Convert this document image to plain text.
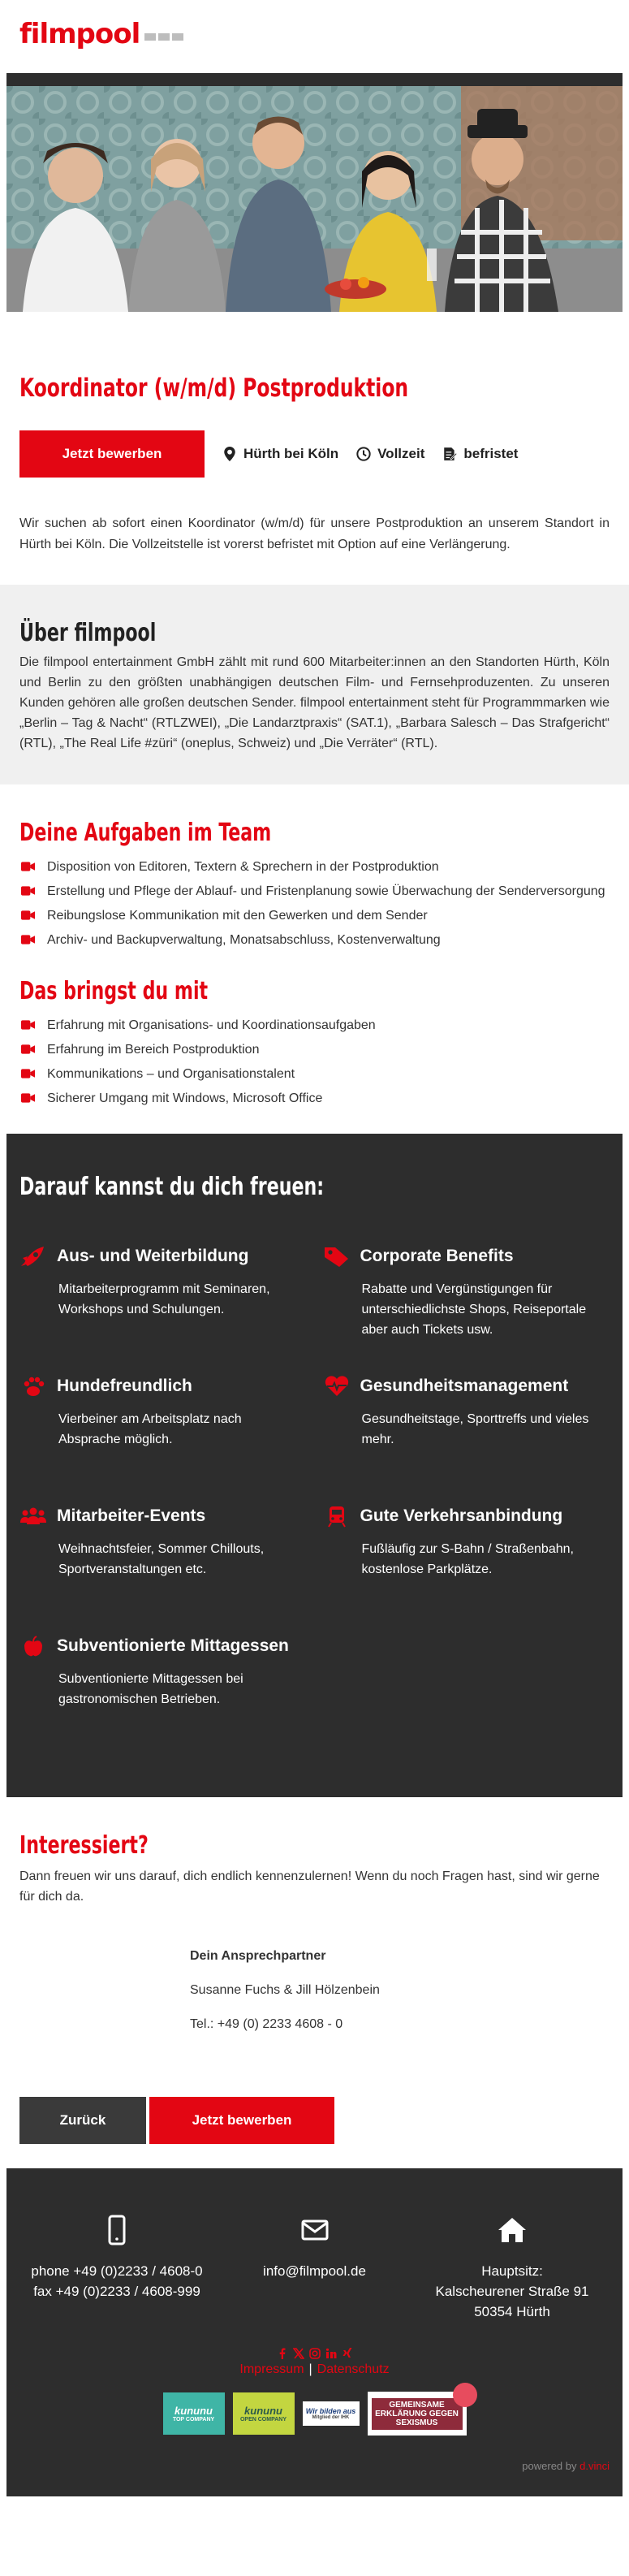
filmpool
Koordinator (w/m/d) Postproduktion
Jetzt bewerben	Hürth bei Köln	Vollzeit	befristet

Wir suchen ab sofort einen Koordinator (w/m/d) für unsere Postproduktion an unserem Standort in Hürth bei Köln. Die Vollzeitstelle ist vorerst befristet mit Option auf eine Verlängerung.

Über filmpool

Die filmpool entertainment GmbH zählt mit rund 600 Mitarbeiter:innen an den Standorten Hürth, Köln und Berlin zu den größten unabhängigen deutschen Film- und Fernsehproduzenten. Zu unseren Kunden gehören alle großen deutschen Sender. filmpool entertainment steht für Programmmarken wie „Berlin – Tag & Nacht“ (RTLZWEI), „Die Landarztpraxis“ (SAT.1), „Barbara Salesch – Das Strafgericht“ (RTL), „The Real Life #züri“ (oneplus, Schweiz) und „Die Verräter“ (RTL).

Deine Aufgaben im Team
Disposition von Editoren, Textern & Sprechern in der Postproduktion
Erstellung und Pflege der Ablauf- und Fristenplanung sowie Überwachung der Senderversorgung
Reibungslose Kommunikation mit den Gewerken und dem Sender
Archiv- und Backupverwaltung, Monatsabschluss, Kostenverwaltung
Das bringst du mit
Erfahrung mit Organisations- und Koordinationsaufgaben
Erfahrung im Bereich Postproduktion
Kommunikations – und Organisationstalent
Sicherer Umgang mit Windows, Microsoft Office
Darauf kannst du dich freuen:
Aus- und Weiterbildung
Mitarbeiterprogramm mit Seminaren, Workshops und Schulungen.
Corporate Benefits
Rabatte und Vergünstigungen für unterschiedlichste Shops, Reiseportale aber auch Tickets usw.
Hundefreundlich
Vierbeiner am Arbeitsplatz nach Absprache möglich.
Gesundheitsmanagement
Gesundheitstage, Sporttreffs und vieles mehr.
Mitarbeiter-Events
Weihnachtsfeier, Sommer Chillouts, Sportveranstaltungen etc.
Gute Verkehrsanbindung
Fußläufig zur S-Bahn / Straßenbahn, kostenlose Parkplätze.
Subventionierte Mittagessen
Subventionierte Mittagessen bei gastronomischen Betrieben.
Interessiert?

Dann freuen wir uns darauf, dich endlich kennenzulernen! Wenn du noch Fragen hast, sind wir gerne für dich da.

Dein Ansprechpartner
Susanne Fuchs & Jill Hölzenbein
Tel.: +49 (0) 2233 4608 - 0
Zurück	Jetzt bewerben
phone +49 (0)2233 / 4608-0
fax +49 (0)2233 / 4608-999
info@filmpool.de	Hauptsitz:
Kalscheurener Straße 91
50354 Hürth
Impressum | Datenschutz
kununu
TOP COMPANY
kununu
OPEN COMPANY
Wir bilden aus
Mitglied der IHK
GEMEINSAME ERKLÄRUNG GEGEN SEXISMUS
powered by d.vinci
